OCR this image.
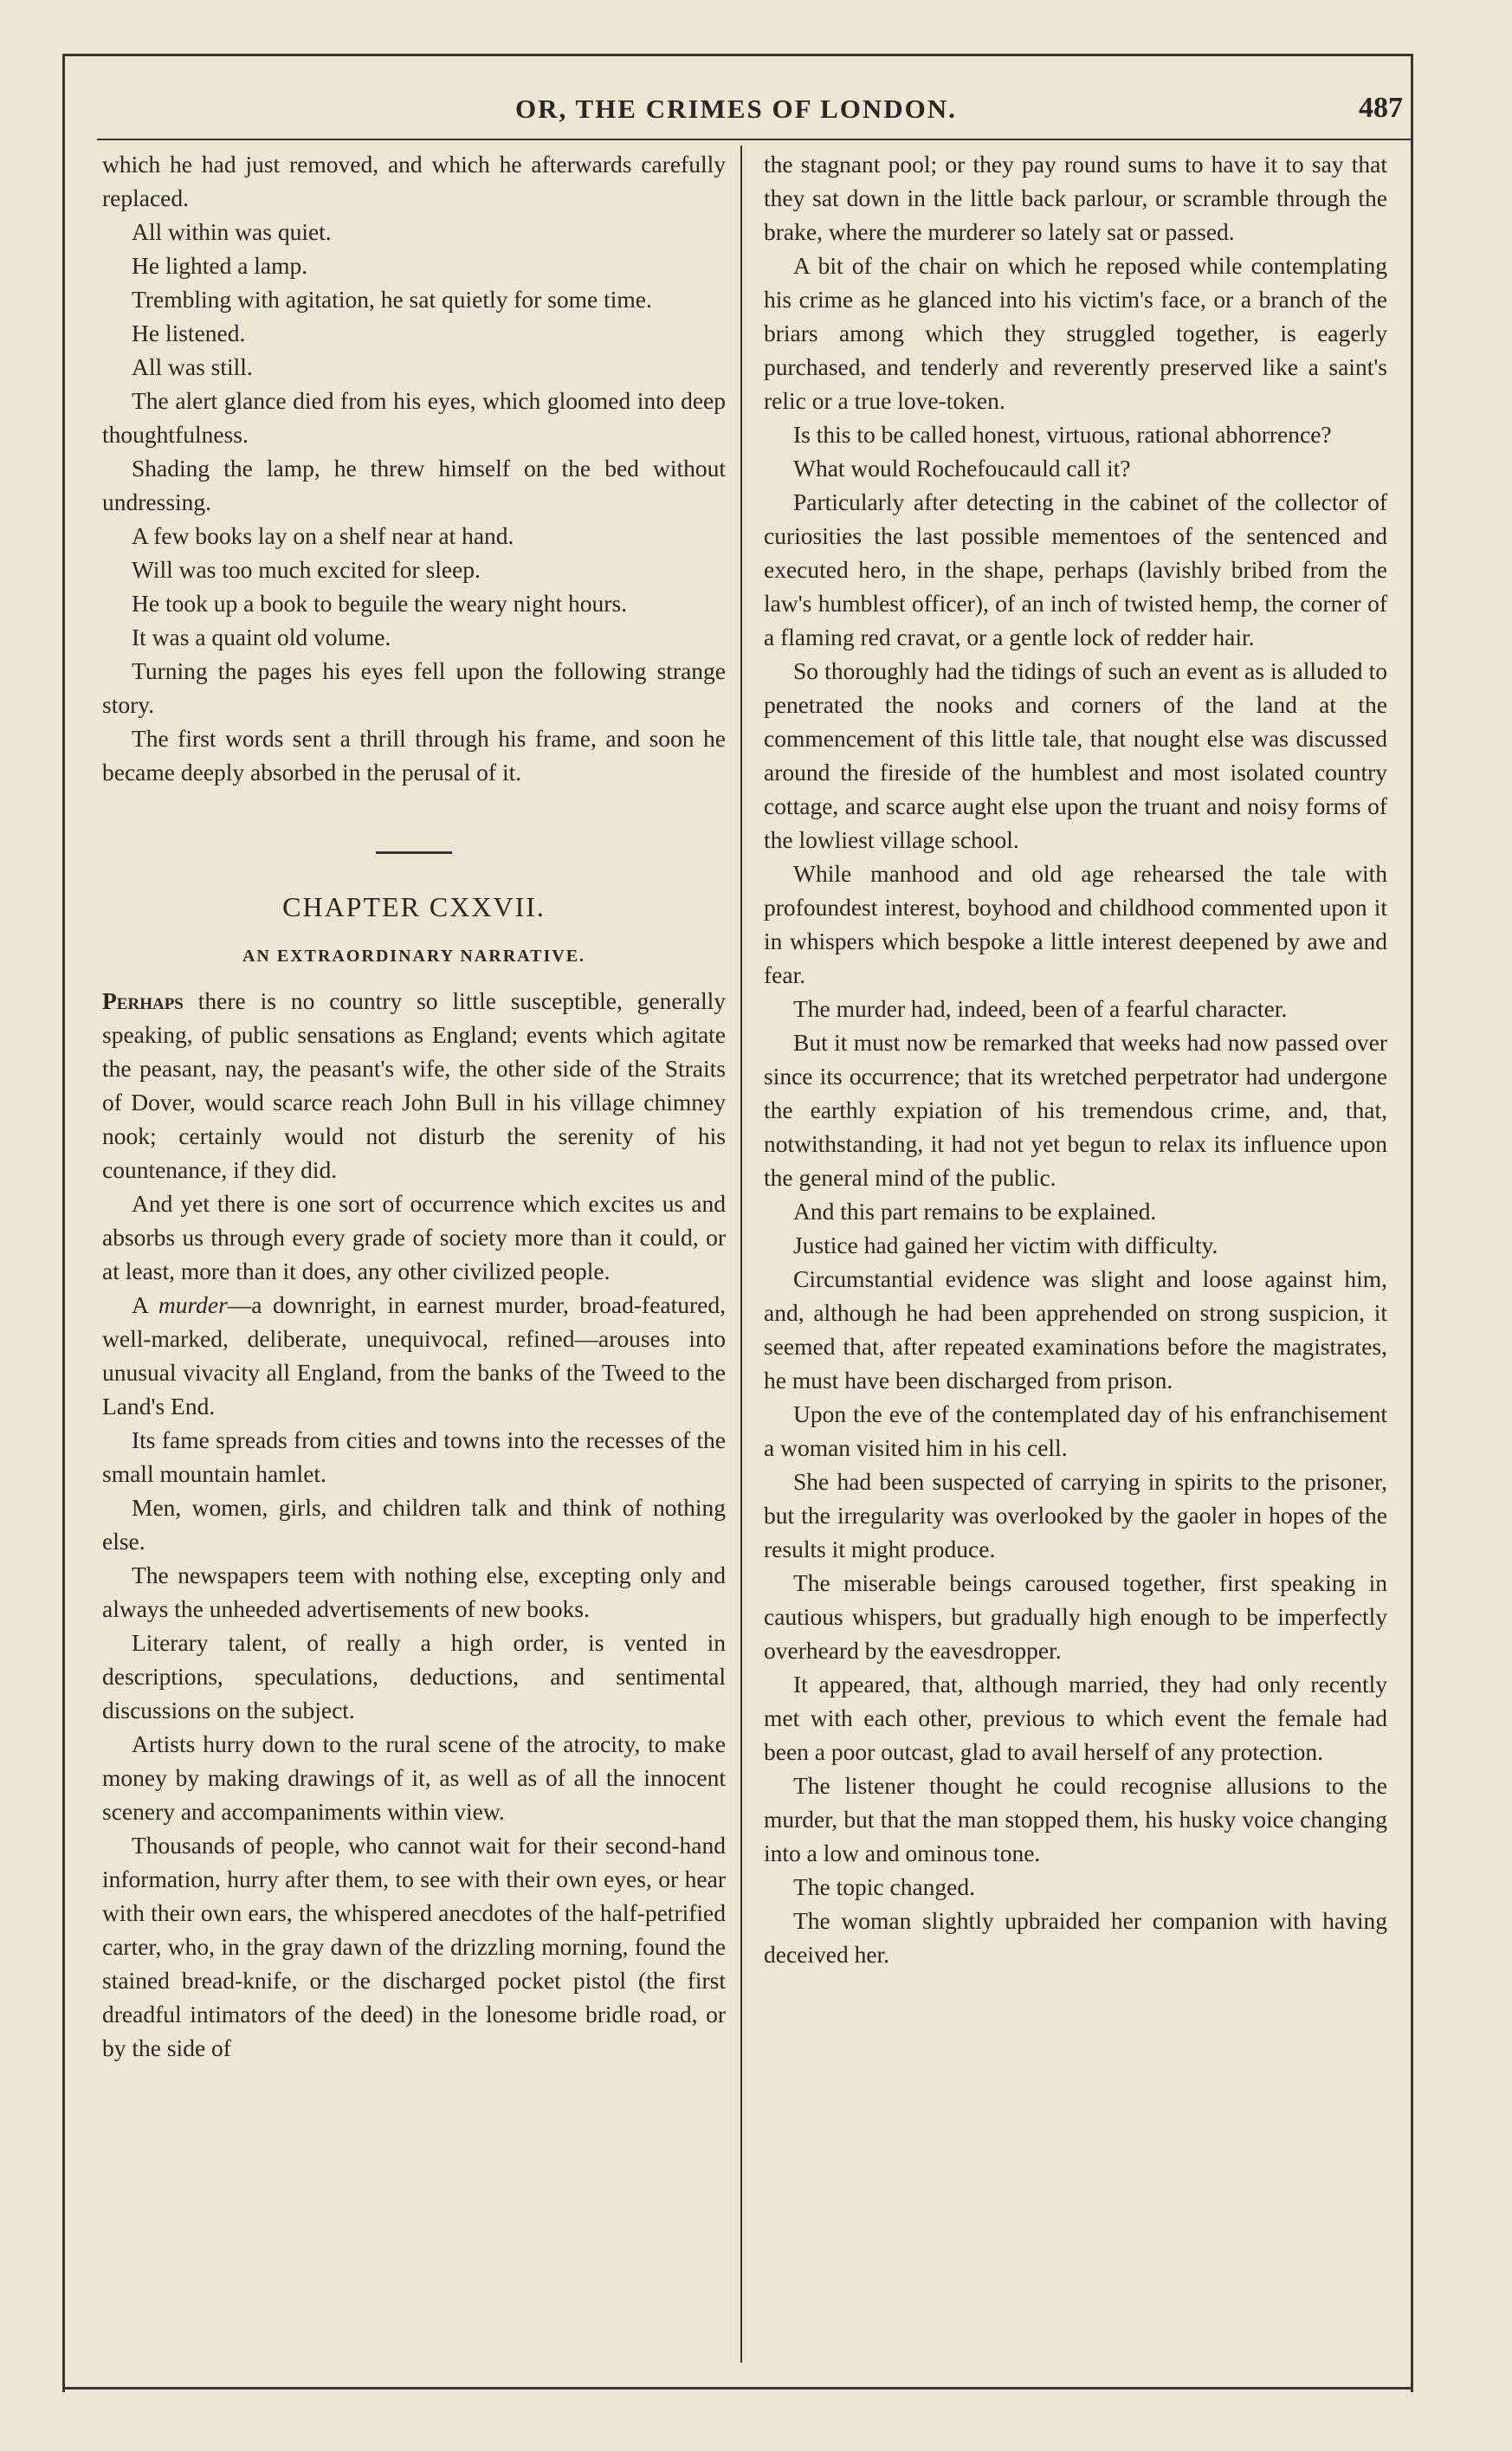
OR, THE CRIMES OF LONDON.	487

which he had just removed, and which he afterwards carefully replaced.

All within was quiet.

He lighted a lamp.

Trembling with agitation, he sat quietly for some time.

He listened.

All was still.

The alert glance died from his eyes, which gloomed into deep thoughtfulness.

Shading the lamp, he threw himself on the bed without undressing.

A few books lay on a shelf near at hand.

Will was too much excited for sleep.

He took up a book to beguile the weary night hours.

It was a quaint old volume.

Turning the pages his eyes fell upon the following strange story.

The first words sent a thrill through his frame, and soon he became deeply absorbed in the perusal of it.

CHAPTER CXXVII.
AN EXTRAORDINARY NARRATIVE.

Perhaps there is no country so little susceptible, generally speaking, of public sensations as England; events which agitate the peasant, nay, the peasant's wife, the other side of the Straits of Dover, would scarce reach John Bull in his village chimney nook; certainly would not disturb the serenity of his countenance, if they did.

And yet there is one sort of occurrence which excites us and absorbs us through every grade of society more than it could, or at least, more than it does, any other civilized people.

A murder—a downright, in earnest murder, broad-featured, well-marked, deliberate, unequivocal, refined—arouses into unusual vivacity all England, from the banks of the Tweed to the Land's End.

Its fame spreads from cities and towns into the recesses of the small mountain hamlet.

Men, women, girls, and children talk and think of nothing else.

The newspapers teem with nothing else, excepting only and always the unheeded advertisements of new books.

Literary talent, of really a high order, is vented in descriptions, speculations, deductions, and sentimental discussions on the subject.

Artists hurry down to the rural scene of the atrocity, to make money by making drawings of it, as well as of all the innocent scenery and accompaniments within view.

Thousands of people, who cannot wait for their second-hand information, hurry after them, to see with their own eyes, or hear with their own ears, the whispered anecdotes of the half-petrified carter, who, in the gray dawn of the drizzling morning, found the stained bread-knife, or the discharged pocket pistol (the first dreadful intimators of the deed) in the lonesome bridle road, or by the side of

the stagnant pool; or they pay round sums to have it to say that they sat down in the little back parlour, or scramble through the brake, where the murderer so lately sat or passed.

A bit of the chair on which he reposed while contemplating his crime as he glanced into his victim's face, or a branch of the briars among which they struggled together, is eagerly purchased, and tenderly and reverently preserved like a saint's relic or a true love-token.

Is this to be called honest, virtuous, rational abhorrence?

What would Rochefoucauld call it?

Particularly after detecting in the cabinet of the collector of curiosities the last possible mementoes of the sentenced and executed hero, in the shape, perhaps (lavishly bribed from the law's humblest officer), of an inch of twisted hemp, the corner of a flaming red cravat, or a gentle lock of redder hair.

So thoroughly had the tidings of such an event as is alluded to penetrated the nooks and corners of the land at the commencement of this little tale, that nought else was discussed around the fireside of the humblest and most isolated country cottage, and scarce aught else upon the truant and noisy forms of the lowliest village school.

While manhood and old age rehearsed the tale with profoundest interest, boyhood and childhood commented upon it in whispers which bespoke a little interest deepened by awe and fear.

The murder had, indeed, been of a fearful character.

But it must now be remarked that weeks had now passed over since its occurrence; that its wretched perpetrator had undergone the earthly expiation of his tremendous crime, and, that, notwithstanding, it had not yet begun to relax its influence upon the general mind of the public.

And this part remains to be explained.

Justice had gained her victim with difficulty.

Circumstantial evidence was slight and loose against him, and, although he had been apprehended on strong suspicion, it seemed that, after repeated examinations before the magistrates, he must have been discharged from prison.

Upon the eve of the contemplated day of his enfranchisement a woman visited him in his cell.

She had been suspected of carrying in spirits to the prisoner, but the irregularity was overlooked by the gaoler in hopes of the results it might produce.

The miserable beings caroused together, first speaking in cautious whispers, but gradually high enough to be imperfectly overheard by the eavesdropper.

It appeared, that, although married, they had only recently met with each other, previous to which event the female had been a poor outcast, glad to avail herself of any protection.

The listener thought he could recognise allusions to the murder, but that the man stopped them, his husky voice changing into a low and ominous tone.

The topic changed.

The woman slightly upbraided her companion with having deceived her.
